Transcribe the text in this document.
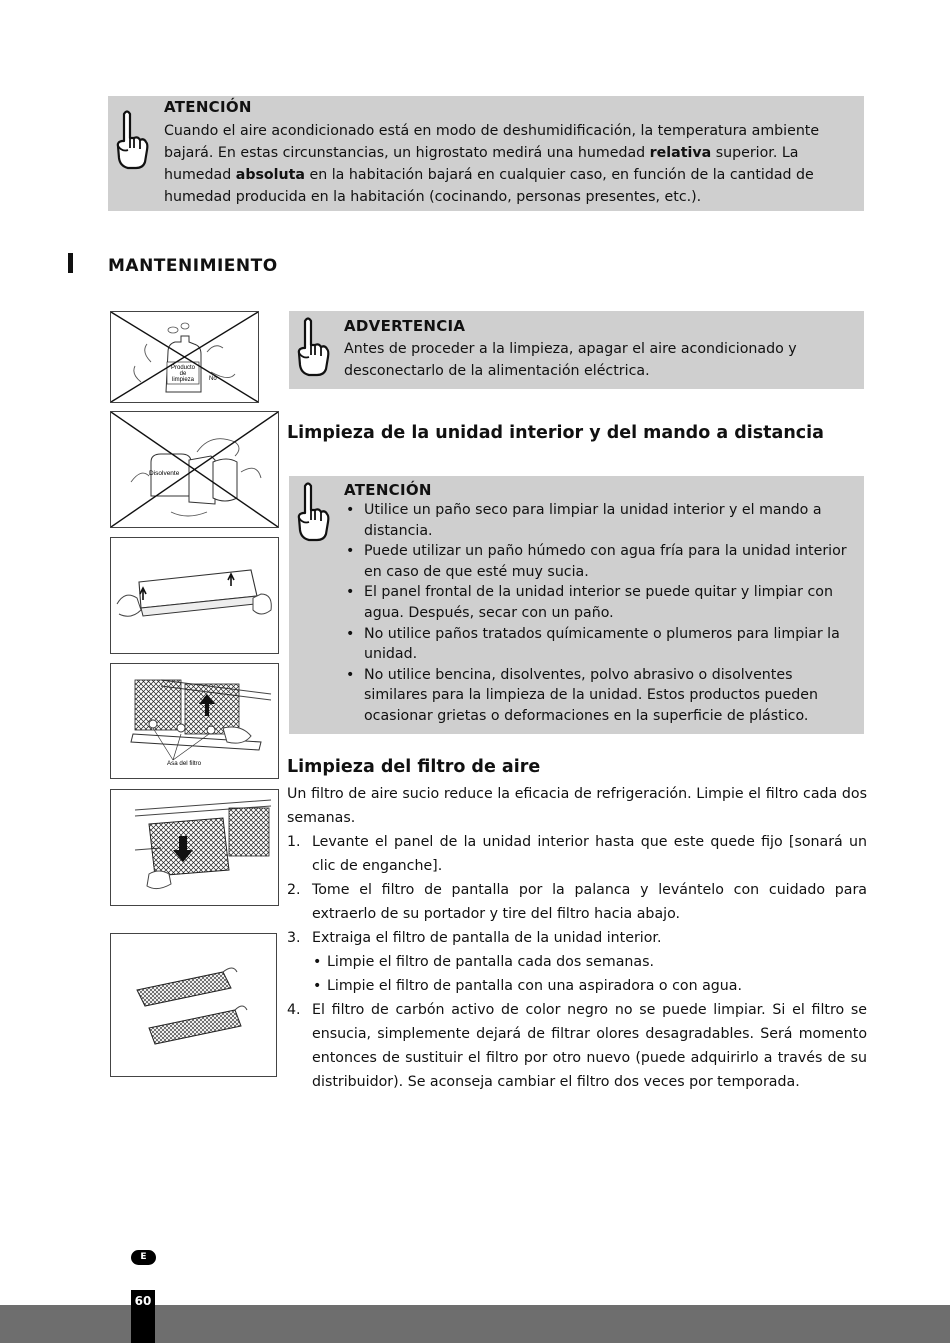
ATENCIÓN
Cuando el aire acondicionado está en modo de deshumidificación, la temperatura ambiente bajará. En estas circunstancias, un higrostato medirá una humedad relativa superior. La humedad absoluta en la habitación bajará en cualquier caso, en función de la cantidad de humedad producida en la habitación (cocinando, personas presentes, etc.).
MANTENIMIENTO
ADVERTENCIA
Antes de proceder a la limpieza, apagar el aire acondicionado y desconectarlo de la alimentación eléctrica.
Limpieza de la unidad interior y del mando a distancia
ATENCIÓN
• Utilice un paño seco para limpiar la unidad interior y el mando a distancia.
• Puede utilizar un paño húmedo con agua fría para la unidad interior en caso de que esté muy sucia.
• El panel frontal de la unidad interior se puede quitar y limpiar con agua. Después, secar con un paño.
• No utilice paños tratados químicamente o plumeros para limpiar la unidad.
• No utilice bencina, disolventes, polvo abrasivo o disolventes similares para la limpieza de la unidad. Estos productos pueden ocasionar grietas o deformaciones en la superficie de plástico.
Limpieza del filtro de aire
Un filtro de aire sucio reduce la eficacia de refrigeración. Limpie el filtro cada dos semanas.
1. Levante el panel de la unidad interior hasta que este quede fijo [sonará un clic de enganche].
2. Tome el filtro de pantalla por la palanca y levántelo con cuidado para extraerlo de su portador y tire del filtro hacia abajo.
3. Extraiga el filtro de pantalla de la unidad interior.
• Limpie el filtro de pantalla cada dos semanas.
• Limpie el filtro de pantalla con una aspiradora o con agua.
4. El filtro de carbón activo de color negro no se puede limpiar. Si el filtro se ensucia, simplemente dejará de filtrar olores desagradables. Será momento entonces de sustituir el filtro por otro nuevo (puede adquirirlo a través de su distribuidor). Se aconseja cambiar el filtro dos veces por temporada.
Producto
de
limpieza No
Disolvente
Asa del filtro
E
60
